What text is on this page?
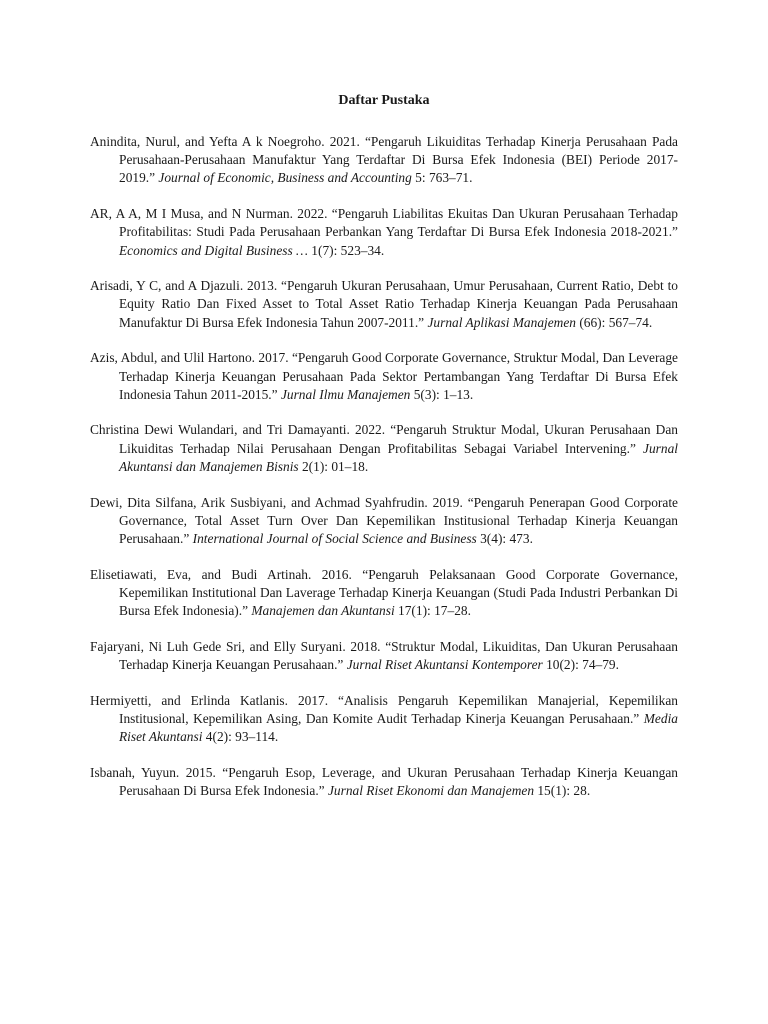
Daftar Pustaka
Anindita, Nurul, and Yefta A k Noegroho. 2021. “Pengaruh Likuiditas Terhadap Kinerja Perusahaan Pada Perusahaan-Perusahaan Manufaktur Yang Terdaftar Di Bursa Efek Indonesia (BEI) Periode 2017-2019.” Journal of Economic, Business and Accounting 5: 763–71.
AR, A A, M I Musa, and N Nurman. 2022. “Pengaruh Liabilitas Ekuitas Dan Ukuran Perusahaan Terhadap Profitabilitas: Studi Pada Perusahaan Perbankan Yang Terdaftar Di Bursa Efek Indonesia 2018-2021.” Economics and Digital Business … 1(7): 523–34.
Arisadi, Y C, and A Djazuli. 2013. “Pengaruh Ukuran Perusahaan, Umur Perusahaan, Current Ratio, Debt to Equity Ratio Dan Fixed Asset to Total Asset Ratio Terhadap Kinerja Keuangan Pada Perusahaan Manufaktur Di Bursa Efek Indonesia Tahun 2007-2011.” Jurnal Aplikasi Manajemen (66): 567–74.
Azis, Abdul, and Ulil Hartono. 2017. “Pengaruh Good Corporate Governance, Struktur Modal, Dan Leverage Terhadap Kinerja Keuangan Perusahaan Pada Sektor Pertambangan Yang Terdaftar Di Bursa Efek Indonesia Tahun 2011-2015.” Jurnal Ilmu Manajemen 5(3): 1–13.
Christina Dewi Wulandari, and Tri Damayanti. 2022. “Pengaruh Struktur Modal, Ukuran Perusahaan Dan Likuiditas Terhadap Nilai Perusahaan Dengan Profitabilitas Sebagai Variabel Intervening.” Jurnal Akuntansi dan Manajemen Bisnis 2(1): 01–18.
Dewi, Dita Silfana, Arik Susbiyani, and Achmad Syahfrudin. 2019. “Pengaruh Penerapan Good Corporate Governance, Total Asset Turn Over Dan Kepemilikan Institusional Terhadap Kinerja Keuangan Perusahaan.” International Journal of Social Science and Business 3(4): 473.
Elisetiawati, Eva, and Budi Artinah. 2016. “Pengaruh Pelaksanaan Good Corporate Governance, Kepemilikan Institutional Dan Laverage Terhadap Kinerja Keuangan (Studi Pada Industri Perbankan Di Bursa Efek Indonesia).” Manajemen dan Akuntansi 17(1): 17–28.
Fajaryani, Ni Luh Gede Sri, and Elly Suryani. 2018. “Struktur Modal, Likuiditas, Dan Ukuran Perusahaan Terhadap Kinerja Keuangan Perusahaan.” Jurnal Riset Akuntansi Kontemporer 10(2): 74–79.
Hermiyetti, and Erlinda Katlanis. 2017. “Analisis Pengaruh Kepemilikan Manajerial, Kepemilikan Institusional, Kepemilikan Asing, Dan Komite Audit Terhadap Kinerja Keuangan Perusahaan.” Media Riset Akuntansi 4(2): 93–114.
Isbanah, Yuyun. 2015. “Pengaruh Esop, Leverage, and Ukuran Perusahaan Terhadap Kinerja Keuangan Perusahaan Di Bursa Efek Indonesia.” Jurnal Riset Ekonomi dan Manajemen 15(1): 28.
